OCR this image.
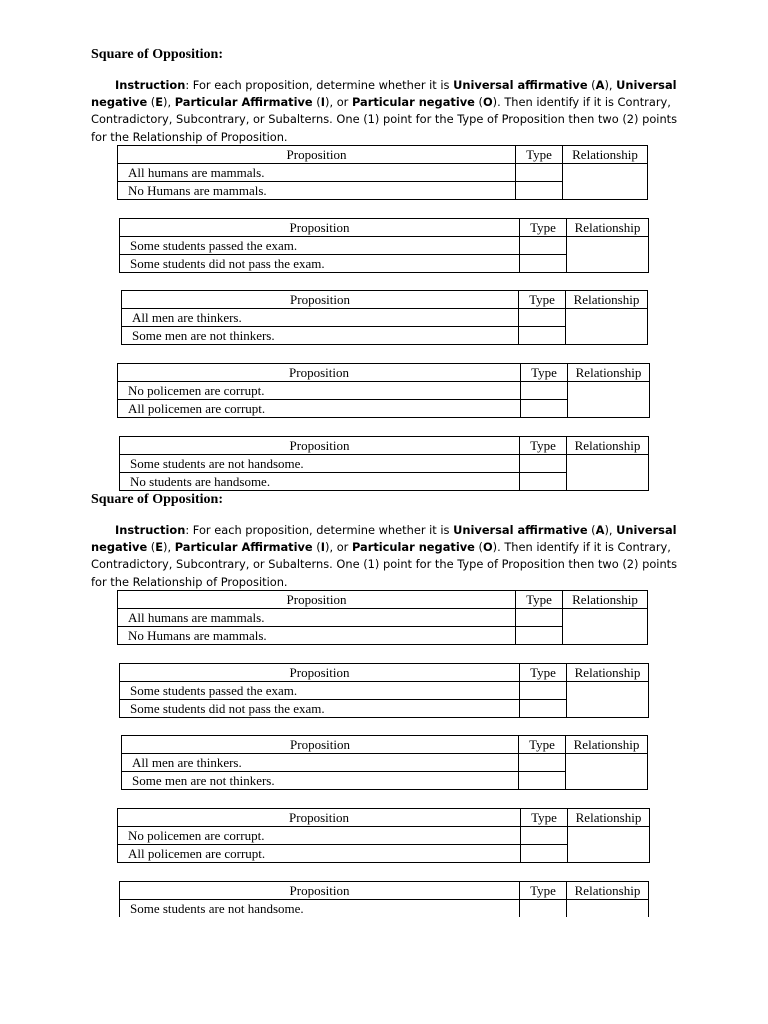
Square of Opposition:

Instruction: For each proposition, determine whether it is Universal affirmative (A), Universal
negative (E), Particular Affirmative (I), or Particular negative (O). Then identify if it is Contrary, Contradictory, Subcontrary, or Subalterns. One (1) point for the Type of Proposition then two (2) points for the Relationship of Proposition.

Proposition	Type	Relationship
All humans are mammals.		
No Humans are mammals.		
Proposition	Type	Relationship
Some students passed the exam.		
Some students did not pass the exam.		
Proposition	Type	Relationship
All men are thinkers.		
Some men are not thinkers.		
Proposition	Type	Relationship
No policemen are corrupt.		
All policemen are corrupt.		
Proposition	Type	Relationship
Some students are not handsome.		
No students are handsome.		
Square of Opposition:

Instruction: For each proposition, determine whether it is Universal affirmative (A), Universal
negative (E), Particular Affirmative (I), or Particular negative (O). Then identify if it is Contrary, Contradictory, Subcontrary, or Subalterns. One (1) point for the Type of Proposition then two (2) points for the Relationship of Proposition.

Proposition	Type	Relationship
All humans are mammals.		
No Humans are mammals.		
Proposition	Type	Relationship
Some students passed the exam.		
Some students did not pass the exam.		
Proposition	Type	Relationship
All men are thinkers.		
Some men are not thinkers.		
Proposition	Type	Relationship
No policemen are corrupt.		
All policemen are corrupt.		
Proposition	Type	Relationship
Some students are not handsome.		
